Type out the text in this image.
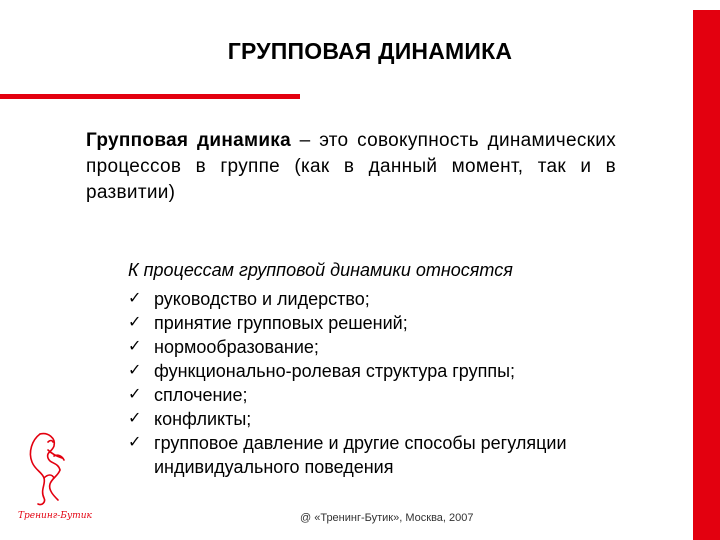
ГРУППОВАЯ ДИНАМИКА
Групповая динамика – это совокупность динамических процессов в группе (как в данный момент, так и в развитии)
К процессам групповой динамики относятся
✓ руководство и лидерство;
✓ принятие групповых решений;
✓ нормообразование;
✓ функционально-ролевая структура группы;
✓ сплочение;
✓ конфликты;
✓ групповое давление и другие способы регуляции индивидуального поведения
Тренинг-Бутик	@ «Тренинг-Бутик», Москва, 2007
